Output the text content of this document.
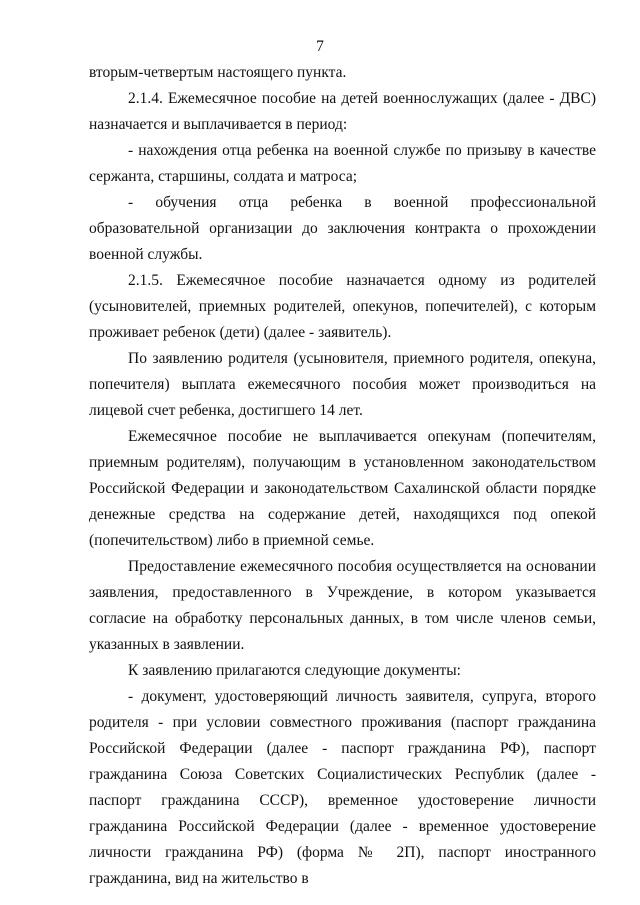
7

вторым-четвертым настоящего пункта.

2.1.4. Ежемесячное пособие на детей военнослужащих (далее - ДВС) назначается и выплачивается в период:

- нахождения отца ребенка на военной службе по призыву в качестве сержанта, старшины, солдата и матроса;

- обучения отца ребенка в военной профессиональной образовательной организации до заключения контракта о прохождении военной службы.

2.1.5. Ежемесячное пособие назначается одному из родителей (усыновителей, приемных родителей, опекунов, попечителей), с которым проживает ребенок (дети) (далее - заявитель).

По заявлению родителя (усыновителя, приемного родителя, опекуна, попечителя) выплата ежемесячного пособия может производиться на лицевой счет ребенка, достигшего 14 лет.

Ежемесячное пособие не выплачивается опекунам (попечителям, приемным родителям), получающим в установленном законодательством Российской Федерации и законодательством Сахалинской области порядке денежные средства на содержание детей, находящихся под опекой (попечительством) либо в приемной семье.

Предоставление ежемесячного пособия осуществляется на основании заявления, предоставленного в Учреждение, в котором указывается согласие на обработку персональных данных, в том числе членов семьи, указанных в заявлении.

К заявлению прилагаются следующие документы:

- документ, удостоверяющий личность заявителя, супруга, второго родителя - при условии совместного проживания (паспорт гражданина Российской Федерации (далее - паспорт гражданина РФ), паспорт гражданина Союза Советских Социалистических Республик (далее - паспорт гражданина СССР), временное удостоверение личности гражданина Российской Федерации (далее - временное удостоверение личности гражданина РФ) (форма № 2П), паспорт иностранного гражданина, вид на жительство в
